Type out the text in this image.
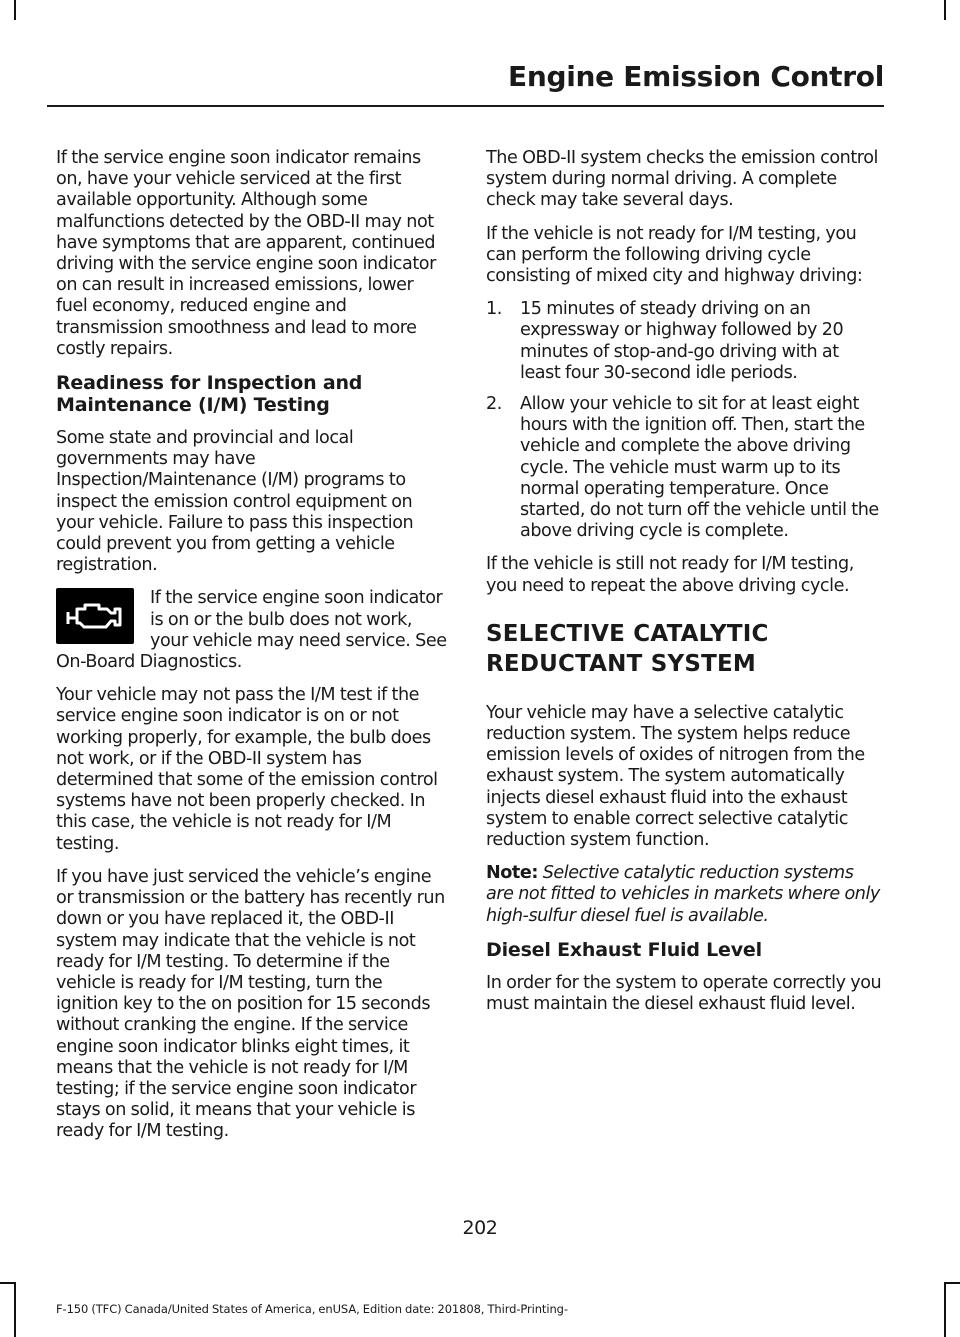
Engine Emission Control

If the service engine soon indicator remains on, have your vehicle serviced at the first available opportunity. Although some malfunctions detected by the OBD-II may not have symptoms that are apparent, continued driving with the service engine soon indicator on can result in increased emissions, lower fuel economy, reduced engine and transmission smoothness and lead to more costly repairs.

Readiness for Inspection and Maintenance (I/M) Testing

Some state and provincial and local governments may have Inspection/Maintenance (I/M) programs to inspect the emission control equipment on your vehicle. Failure to pass this inspection could prevent you from getting a vehicle registration.

If the service engine soon indicator is on or the bulb does not work, your vehicle may need service. See On-Board Diagnostics.

Your vehicle may not pass the I/M test if the service engine soon indicator is on or not working properly, for example, the bulb does not work, or if the OBD-II system has determined that some of the emission control systems have not been properly checked. In this case, the vehicle is not ready for I/M testing.

If you have just serviced the vehicle’s engine or transmission or the battery has recently run down or you have replaced it, the OBD-II system may indicate that the vehicle is not ready for I/M testing. To determine if the vehicle is ready for I/M testing, turn the ignition key to the on position for 15 seconds without cranking the engine. If the service engine soon indicator blinks eight times, it means that the vehicle is not ready for I/M testing; if the service engine soon indicator stays on solid, it means that your vehicle is ready for I/M testing.

The OBD-II system checks the emission control system during normal driving. A complete check may take several days.

If the vehicle is not ready for I/M testing, you can perform the following driving cycle consisting of mixed city and highway driving:

1. 15 minutes of steady driving on an expressway or highway followed by 20 minutes of stop-and-go driving with at least four 30-second idle periods.
2. Allow your vehicle to sit for at least eight hours with the ignition off. Then, start the vehicle and complete the above driving cycle. The vehicle must warm up to its normal operating temperature. Once started, do not turn off the vehicle until the above driving cycle is complete.

If the vehicle is still not ready for I/M testing, you need to repeat the above driving cycle.

SELECTIVE CATALYTIC
REDUCTANT SYSTEM

Your vehicle may have a selective catalytic reduction system. The system helps reduce emission levels of oxides of nitrogen from the exhaust system. The system automatically injects diesel exhaust fluid into the exhaust system to enable correct selective catalytic reduction system function.

Note: Selective catalytic reduction systems are not fitted to vehicles in markets where only high-sulfur diesel fuel is available.

Diesel Exhaust Fluid Level

In order for the system to operate correctly you must maintain the diesel exhaust fluid level.

202

F-150 (TFC) Canada/United States of America, enUSA, Edition date: 201808, Third-Printing-
